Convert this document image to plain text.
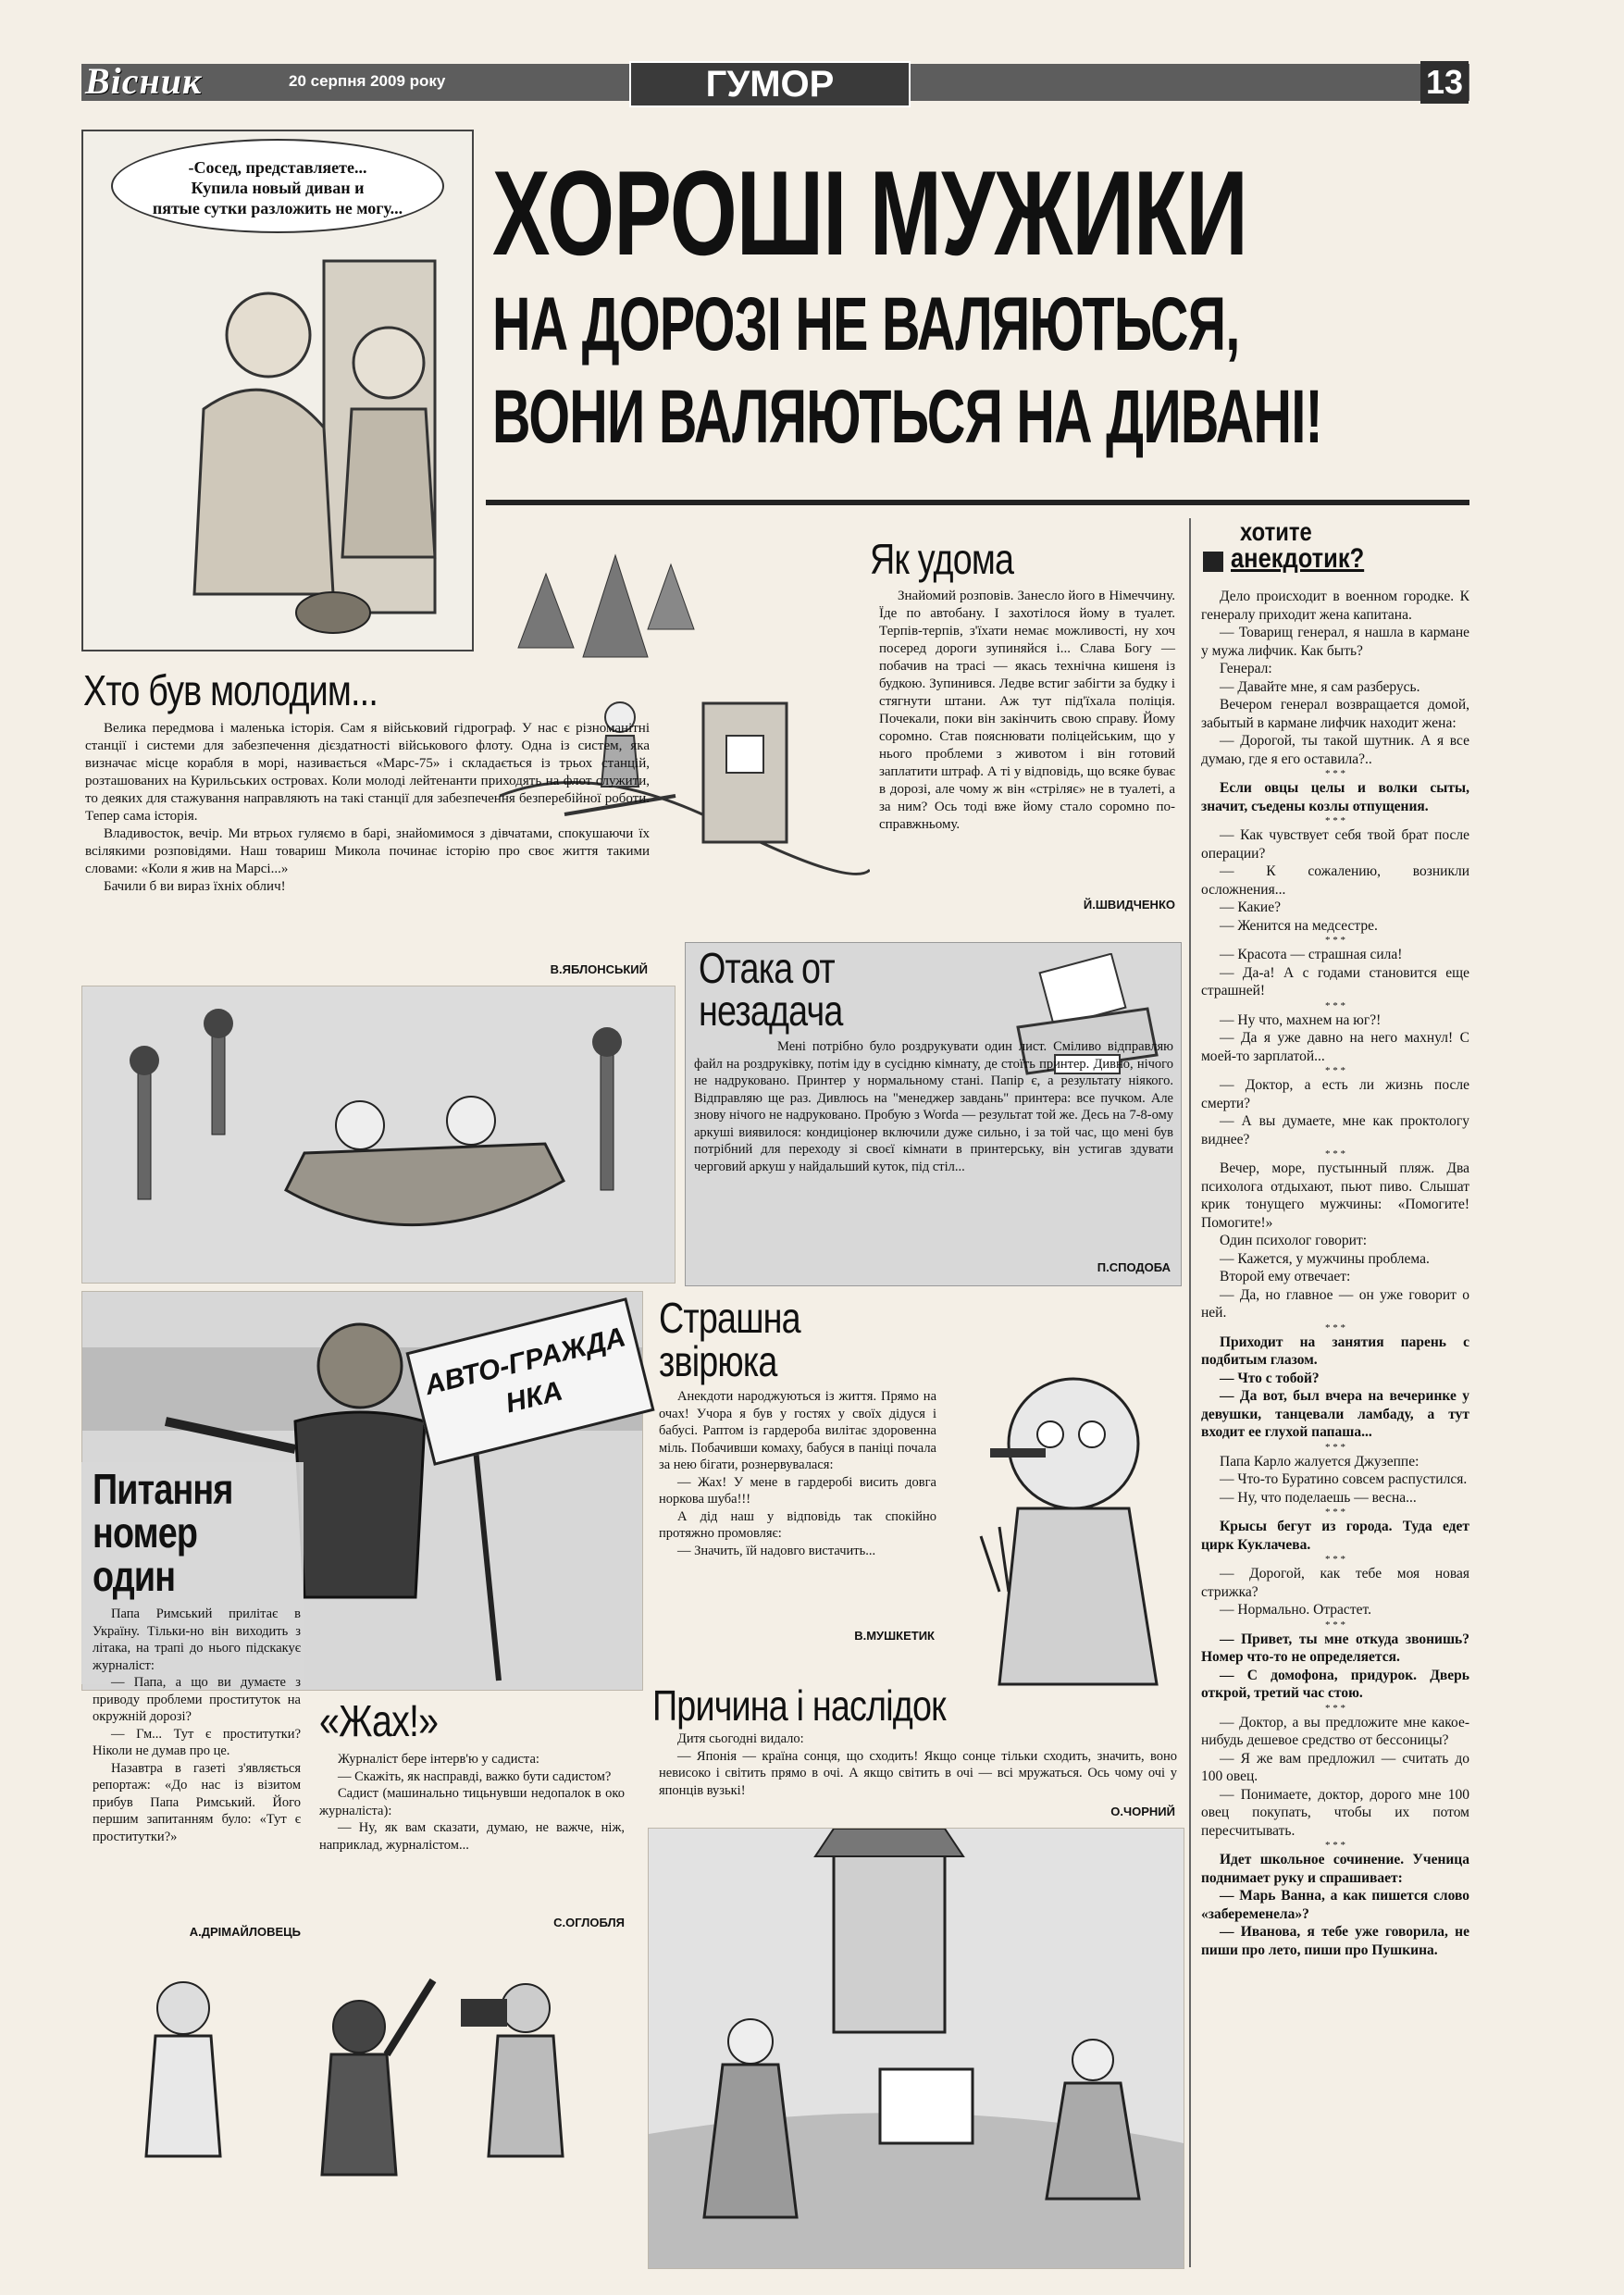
Вісник	20 серпня 2009 року	ГУМОР	13
-Сосед, представляете...
Купила новый диван и
пятые сутки разложить не могу... ХОРОШІ МУЖИКИ
НА ДОРОЗІ НЕ ВАЛЯЮТЬСЯ,
ВОНИ ВАЛЯЮТЬСЯ НА ДИВАНІ!
Як удома

Знайомий розповів. Занесло його в Німеччину. Їде по автобану. І захотілося йому в туалет. Терпів-терпів, з'їхати немає можливості, ну хоч посеред дороги зупиняйся і... Слава Богу — побачив на трасі — якась технічна кишеня із будкою. Зупинився. Ледве встиг забігти за будку і стягнути штани. Аж тут під'їхала поліція. Почекали, поки він закінчить свою справу. Йому соромно. Став пояснювати поліцейським, що у нього проблеми з животом і він готовий заплатити штраф. А ті у відповідь, що всяке буває в дорозі, але чому ж він «стріляє» не в туалеті, а за ним? Ось тоді вже йому стало соромно по-справжньому.

Й.ШВИДЧЕНКО
хотите
анекдотик?

Дело происходит в военном городке. К генералу приходит жена капитана.

— Товарищ генерал, я нашла в кармане у мужа лифчик. Как быть?

Генерал:

— Давайте мне, я сам разберусь.

Вечером генерал возвращается домой, забытый в кармане лифчик находит жена:

— Дорогой, ты такой шутник. А я все думаю, где я его оставила?..

* * *

Если овцы целы и волки сыты, значит, съедены козлы отпущения.

* * *

— Как чувствует себя твой брат после операции?

— К сожалению, возникли осложнения...

— Какие?

— Женится на медсестре.

* * *

— Красота — страшная сила!

— Да-а! А с годами становится еще страшней!

* * *

— Ну что, махнем на юг?!

— Да я уже давно на него махнул! С моей-то зарплатой...

* * *

— Доктор, а есть ли жизнь после смерти?

— А вы думаете, мне как проктологу виднее?

* * *

Вечер, море, пустынный пляж. Два психолога отдыхают, пьют пиво. Слышат крик тонущего мужчины: «Помогите! Помогите!»

Один психолог говорит:

— Кажется, у мужчины проблема.

Второй ему отвечает:

— Да, но главное — он уже говорит о ней.

* * *

Приходит на занятия парень с подбитым глазом.

— Что с тобой?

— Да вот, был вчера на вечеринке у девушки, танцевали ламбаду, а тут входит ее глухой папаша...

* * *

Папа Карло жалуется Джузеппе:

— Что-то Буратино совсем распустился.

— Ну, что поделаешь — весна...

* * *

Крысы бегут из города. Туда едет цирк Куклачева.

* * *

— Дорогой, как тебе моя новая стрижка?

— Нормально. Отрастет.

* * *

— Привет, ты мне откуда звонишь? Номер что-то не определяется.

— С домофона, придурок. Дверь открой, третий час стою.

* * *

— Доктор, а вы предложите мне какое-нибудь дешевое средство от бессоницы?

— Я же вам предложил — считать до 100 овец.

— Понимаете, доктор, дорого мне 100 овец покупать, чтобы их потом пересчитывать.

* * *

Идет школьное сочинение. Ученица поднимает руку и спрашивает:

— Марь Ванна, а как пишется слово «забеременела»?

— Иванова, я тебе уже говорила, не пиши про лето, пиши про Пушкина.

Хто був молодим...

Велика передмова і маленька історія. Сам я військовий гідрограф. У нас є різноманітні станції і системи для забезпечення дієздатності військового флоту. Одна із систем, яка визначає місце корабля в морі, називається «Марс-75» і складається із трьох станцій, розташованих на Курильських островах. Коли молоді лейтенанти приходять на флот служити, то деяких для стажування направляють на такі станції для забезпечення безперебійної роботи. Тепер сама історія.

Владивосток, вечір. Ми втрьох гуляємо в барі, знайомимося з дівчатами, спокушаючи їх всілякими розповідями. Наш товариш Микола починає історію про своє життя такими словами: «Коли я жив на Марсі...»

Бачили б ви вираз їхніх облич!

В.ЯБЛОНСЬКИЙ Отака от
незадача

Мені потрібно було роздрукувати один лист. Сміливо відправляю файл на роздруківку, потім іду в сусідню кімнату, де стоїть принтер. Дивно, нічого не надруковано. Принтер у нормальному стані. Папір є, а результату ніякого. Відправляю ще раз. Дивлюсь на "менеджер завдань" принтера: все пучком. Але знову нічого не надруковано. Пробую з Worda — результат той же. Десь на 7-8-ому аркуші виявилося: кондиціонер включили дуже сильно, і за той час, що мені був потрібний для переходу зі своєї кімнати в принтерську, він устигав здувати черговий аркуш у найдальший куток, під стіл...

П.СПОДОБА
АВТО-ГРАЖДАНКА
Питання
номер
один

Папа Римський прилітає в Україну. Тільки-но він виходить з літака, на трапі до нього підскакує журналіст:

— Папа, а що ви думаєте з приводу проблеми проституток на окружній дорозі?

— Гм... Тут є проститутки? Ніколи не думав про це.

Назавтра в газеті з'являється репортаж: «До нас із візитом прибув Папа Римський. Його першим запитанням було: «Тут є проститутки?»

А.ДРІМАЙЛОВЕЦЬ
«Жах!»

Журналіст бере інтерв'ю у садиста:

— Скажіть, як насправді, важко бути садистом?

Садист (машинально тицьнувши недопалок в око журналіста):

— Ну, як вам сказати, думаю, не важче, ніж, наприклад, журналістом...

С.ОГЛОБЛЯ
Страшна
звірюка

Анекдоти народжуються із життя. Прямо на очах! Учора я був у гостях у своїх дідуся і бабусі. Раптом із гардероба вилітає здоровенна міль. Побачивши комаху, бабуся в паніці почала за нею бігати, рознервувалася:

— Жах! У мене в гардеробі висить довга норкова шуба!!!

А дід наш у відповідь так спокійно протяжно промовляє:

— Значить, їй надовго вистачить...

В.МУШКЕТИК
Причина і наслідок

Дитя сьогодні видало:

— Японія — країна сонця, що сходить! Якщо сонце тільки сходить, значить, воно невисоко і світить прямо в очі. А якщо світить в очі — всі мружаться. Ось чому очі у японців вузькі!

О.ЧОРНИЙ
